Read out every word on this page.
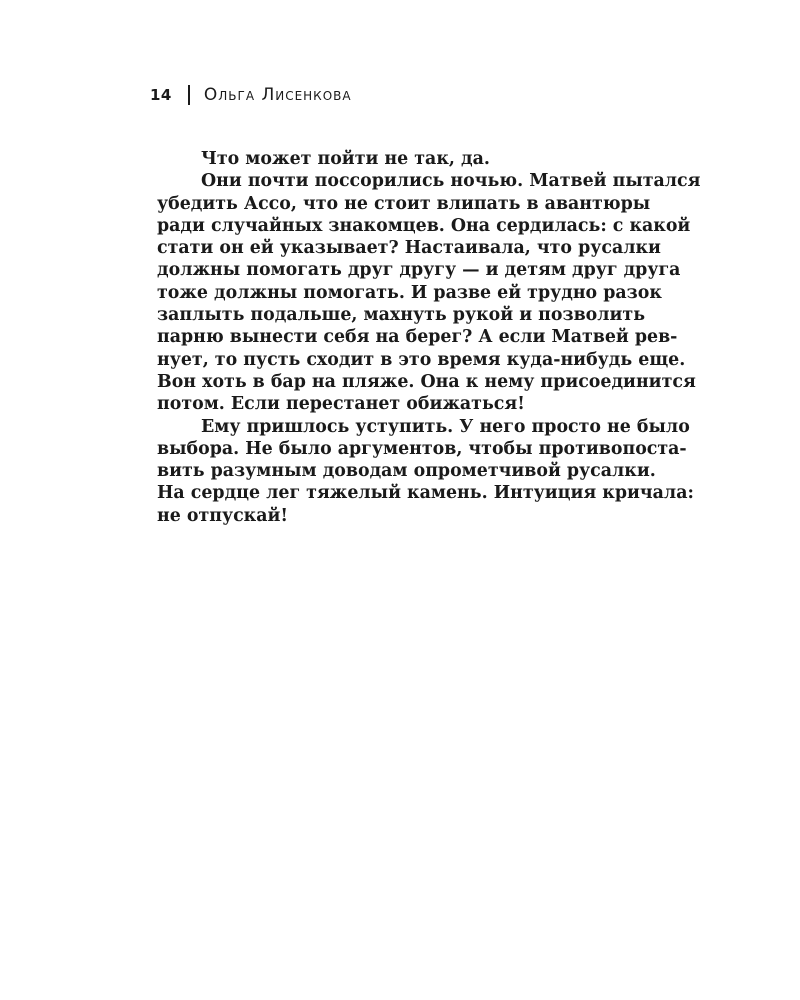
14 Ольга Лисенкова
Что может пойти не так, да.
Они почти поссорились ночью. Матвей пытался
убедить Ассо, что не стоит влипать в авантюры
ради случайных знакомцев. Она сердилась: с какой
стати он ей указывает? Настаивала, что русалки
должны помогать друг другу — и детям друг друга
тоже должны помогать. И разве ей трудно разок
заплыть подальше, махнуть рукой и позволить
парню вынести себя на берег? А если Матвей рев-
нует, то пусть сходит в это время куда-нибудь еще.
Вон хоть в бар на пляже. Она к нему присоединится
потом. Если перестанет обижаться!
Ему пришлось уступить. У него просто не было
выбора. Не было аргументов, чтобы противопоста-
вить разумным доводам опрометчивой русалки.
На сердце лег тяжелый камень. Интуиция кричала:
не отпускай!
